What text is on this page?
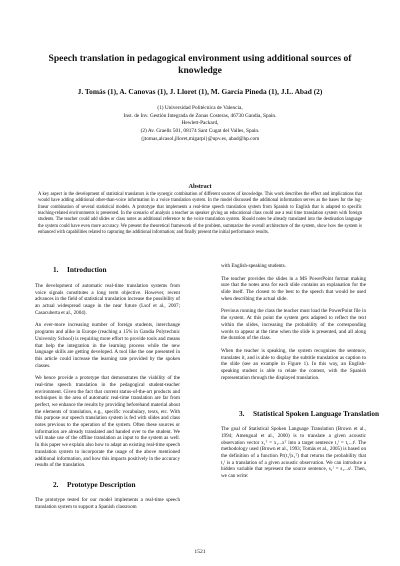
Speech translation in pedagogical environment using additional sources of knowledge
J. Tomás (1), A. Canovas (1), J. Lloret (1), M. García Pineda (1), J.L. Abad (2)
(1) Universidad Politécnica de Valencia,
Inst. de Inv. Gestión Integrada de Zonas Costeras, 46730 Gandia, Spain.
Hewlett-Packard,
(2) Av. Graells 501, 08174 Sant Cugat del Valles, Spain.
{jtomas,alcasol,jlloret,migarpi}@upv.es, abad@hp.com
Abstract
A key aspect in the development of statistical translators is the synergic combination of different sources of knowledge. This work describes the effect and implications that would have adding additional other-than-voice information in a voice translation system. In the model discussed the additional information serves as the bases for the log-linear combination of several statistical models. A prototype that implements a real-time speech translation system from Spanish to English that is adapted to specific teaching-related environments is presented. In the scenario of analysis a teacher as speaker giving an educational class could use a real time translation system with foreign students. The teacher could add slides or class notes as additional reference to the voice translation system. Should notes be already translated into the destination language the system could have even more accuracy. We present the theoretical framework of the problem, summarize the overall architecture of the system, show how the system is enhanced with capabilities related to capturing the additional information; and finally present the initial performance results.
1. Introduction

The development of automatic real-time translation systems from voice signals constitutes a long term objective. However, recent advances in the field of statistical translation increase the possibility of an actual widespread usage in the near future (Lsof et al., 2007; Casacuberta et al., 2004).

An ever-more increasing number of foreign students, interchange programs and alike in Europe (reaching a 15% in Gandia Polytechnic University School) is requiring more effort to provide tools and means that help the integration in the learning process while the new language skills are getting developed. A tool like the one presented in this article could increase the learning rate provided by the spoken classes.

We hence provide a prototype that demonstrates the viability of the real-time speech translation in the pedagogical student-teacher environment. Given the fact that current status-of-the-art products and techniques in the area of automatic real-time translation are far from perfect, we enhance the results by providing beforehand material about the elements of translation, e.g., specific vocabulary, texts, etc. With this purpose our speech translation system is fed with slides and class notes previous to the operation of the system. Often these sources or information are already translated and handed over to the student. We will make use of the offline translation as input to the system as well. In this paper we explain also how to adapt an existing real-time speech translation system to incorporate the usage of the above mentioned additional information, and how this impacts positively in the accuracy results of the translation.

2. Prototype Description

The prototype tested for our model implements a real-time speech translation system to support a Spanish classroom

with English-speaking students.

The teacher provides the slides in a MS PowerPoint format making sure that the notes area for each slide contains an explanation for the slide itself. The closest to the best to the speech that would be used when describing the actual slide.

Previous running the class the teacher must load the PowerPoint file in the system. At this point the system gets adapted to reflect the text within the slides, increasing the probability of the corresponding words to appear at the time when the slide is presented, and all along the duration of the class.

When the teacher is speaking, the system recognizes the sentence, translates it, and is able to display the subtitle translation as caption to the slide (see an example in Figure 1). In this way, an English-speaking student is able to relate the content, with the Spanish representation through the displayed translation.

3. Statistical Spoken Language Translation

The goal of Statistical Spoken Language Translation (Brown et al., 1994; Amengual et al., 2000) is to translate a given acoustic observation vector x₁ᵀ = x₁...xᵀ into a target sentence t₁ᴵ = t₁...tᴵ. The methodology used (Brown et al., 1993; Tomás et al., 2005) is based on the definition of a function Pr(t₁ᴵ|x₁ᵀ) that returns the probability that t₁ᴵ is a translation of a given acoustic observation. We can introduce a hidden variable that represent the source sentence, s₁ᴶ = s₁...sᴶ. Then, we can write:

1521
